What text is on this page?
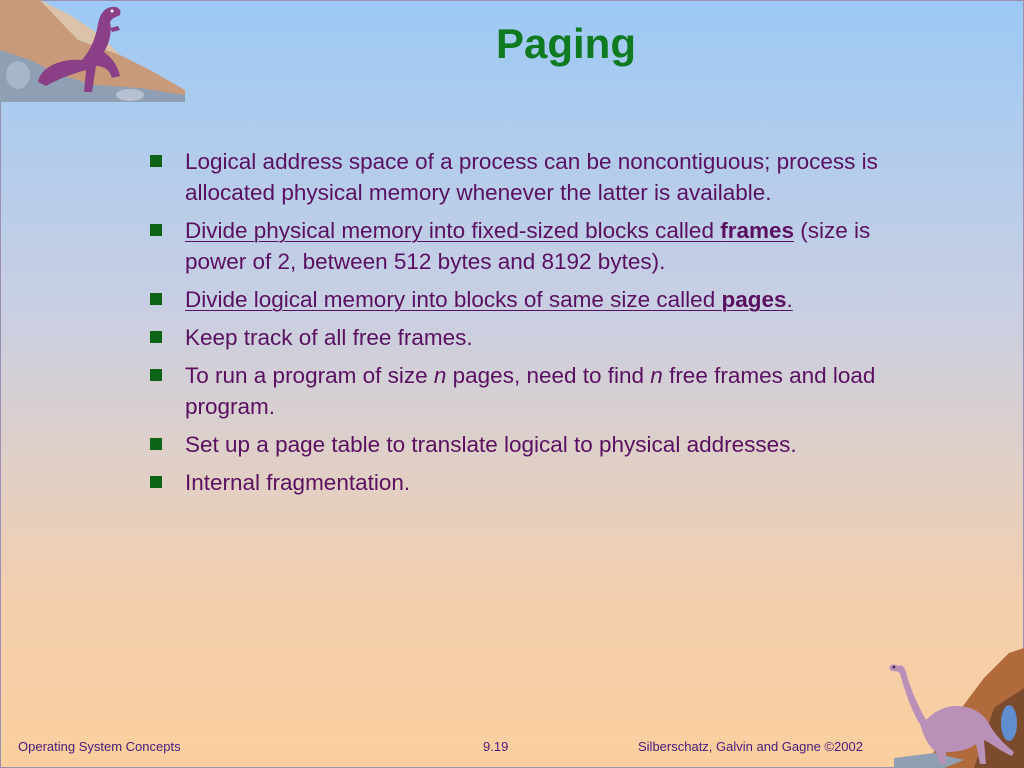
Paging
Logical address space of a process can be noncontiguous; process is allocated physical memory whenever the latter is available.
Divide physical memory into fixed-sized blocks called frames (size is power of 2, between 512 bytes and 8192 bytes).
Divide logical memory into blocks of same size called pages.
Keep track of all free frames.
To run a program of size n pages, need to find n free frames and load program.
Set up a page table to translate logical to physical addresses.
Internal fragmentation.
Operating System Concepts	9.19	Silberschatz, Galvin and Gagne ©2002
